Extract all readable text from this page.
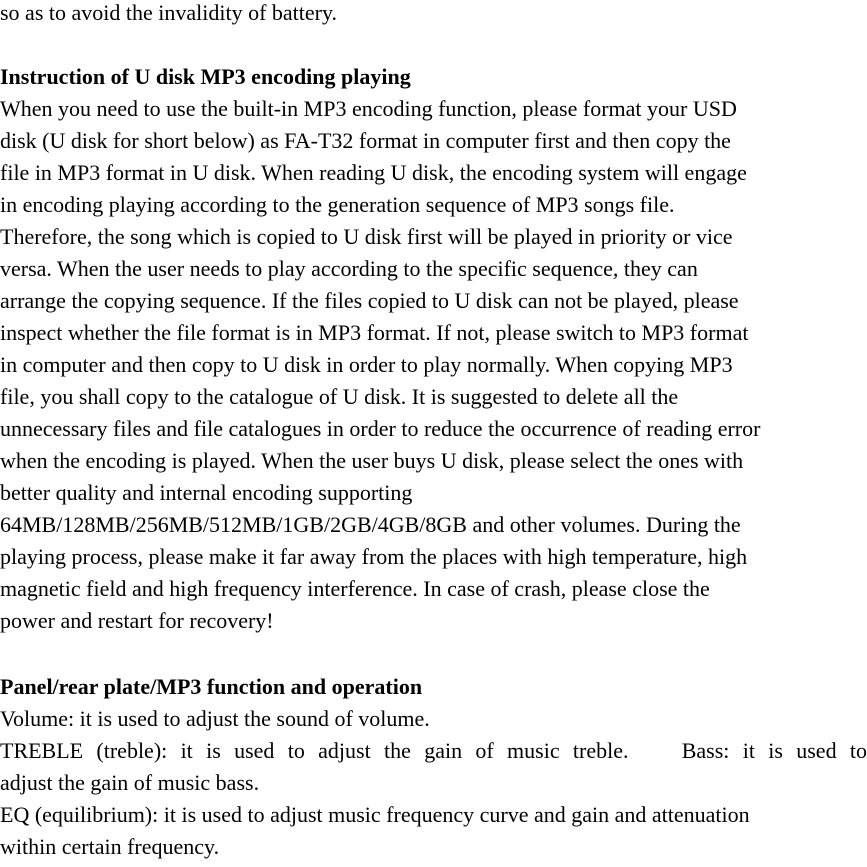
so as to avoid the invalidity of battery.
Instruction of U disk MP3 encoding playing
When you need to use the built-in MP3 encoding function, please format your USD
disk (U disk for short below) as FA-T32 format in computer first and then copy the
file in MP3 format in U disk. When reading U disk, the encoding system will engage
in encoding playing according to the generation sequence of MP3 songs file.
Therefore, the song which is copied to U disk first will be played in priority or vice
versa. When the user needs to play according to the specific sequence, they can
arrange the copying sequence. If the files copied to U disk can not be played, please
inspect whether the file format is in MP3 format. If not, please switch to MP3 format
in computer and then copy to U disk in order to play normally. When copying MP3
file, you shall copy to the catalogue of U disk. It is suggested to delete all the
unnecessary files and file catalogues in order to reduce the occurrence of reading error
when the encoding is played. When the user buys U disk, please select the ones with
better quality and internal encoding supporting
64MB/128MB/256MB/512MB/1GB/2GB/4GB/8GB and other volumes. During the
playing process, please make it far away from the places with high temperature, high
magnetic field and high frequency interference. In case of crash, please close the
power and restart for recovery!
Panel/rear plate/MP3 function and operation
Volume: it is used to adjust the sound of volume.
TREBLE (treble): it is used to adjust the gain of music treble.    Bass: it is used to
adjust the gain of music bass.
EQ (equilibrium): it is used to adjust music frequency curve and gain and attenuation
within certain frequency.
